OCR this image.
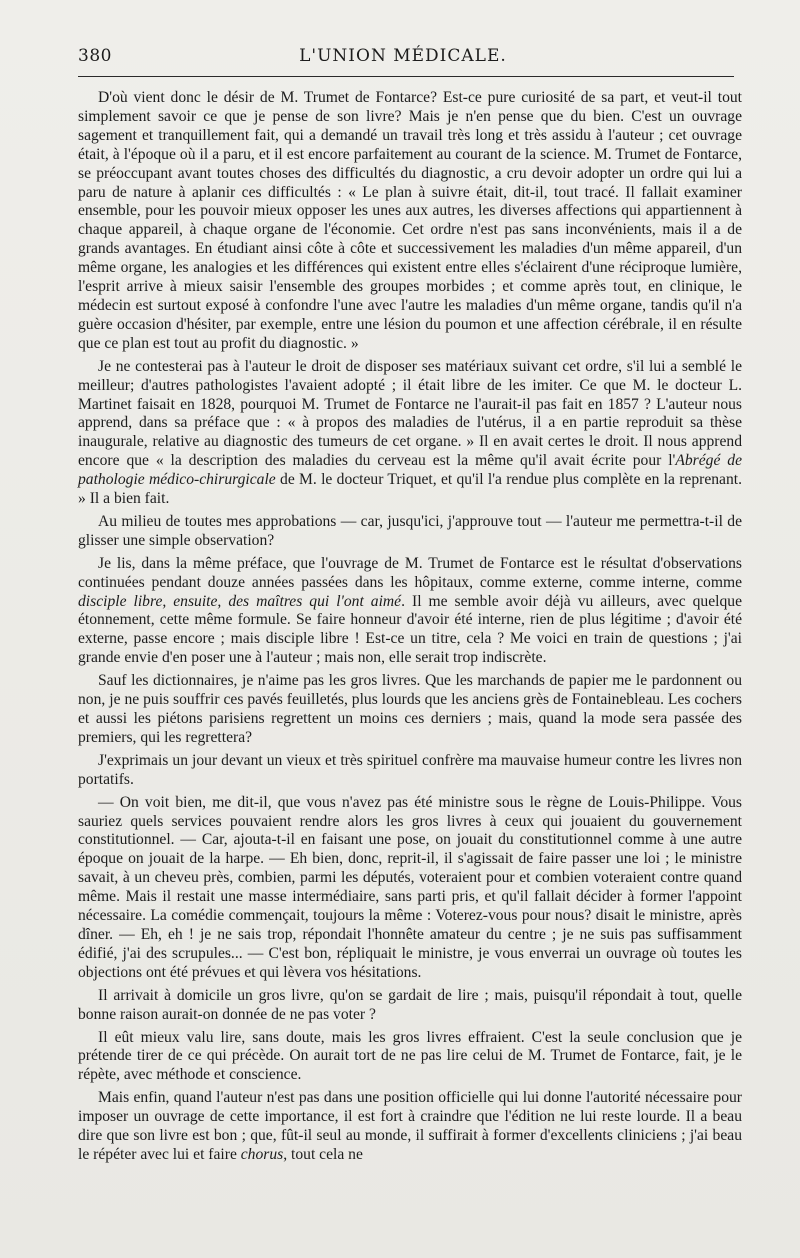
380	L'UNION MÉDICALE.

D'où vient donc le désir de M. Trumet de Fontarce? Est-ce pure curiosité de sa part, et veut-il tout simplement savoir ce que je pense de son livre? Mais je n'en pense que du bien. C'est un ouvrage sagement et tranquillement fait, qui a demandé un travail très long et très assidu à l'auteur ; cet ouvrage était, à l'époque où il a paru, et il est encore parfaitement au courant de la science. M. Trumet de Fontarce, se préoccupant avant toutes choses des difficultés du diagnostic, a cru devoir adopter un ordre qui lui a paru de nature à aplanir ces difficultés : « Le plan à suivre était, dit-il, tout tracé. Il fallait examiner ensemble, pour les pouvoir mieux opposer les unes aux autres, les diverses affections qui appartiennent à chaque appareil, à chaque organe de l'économie. Cet ordre n'est pas sans inconvénients, mais il a de grands avantages. En étudiant ainsi côte à côte et successivement les maladies d'un même appareil, d'un même organe, les analogies et les différences qui existent entre elles s'éclairent d'une réciproque lumière, l'esprit arrive à mieux saisir l'ensemble des groupes morbides ; et comme après tout, en clinique, le médecin est surtout exposé à confondre l'une avec l'autre les maladies d'un même organe, tandis qu'il n'a guère occasion d'hésiter, par exemple, entre une lésion du poumon et une affection cérébrale, il en résulte que ce plan est tout au profit du diagnostic. »

Je ne contesterai pas à l'auteur le droit de disposer ses matériaux suivant cet ordre, s'il lui a semblé le meilleur; d'autres pathologistes l'avaient adopté ; il était libre de les imiter. Ce que M. le docteur L. Martinet faisait en 1828, pourquoi M. Trumet de Fontarce ne l'aurait-il pas fait en 1857 ? L'auteur nous apprend, dans sa préface que : « à propos des maladies de l'utérus, il a en partie reproduit sa thèse inaugurale, relative au diagnostic des tumeurs de cet organe. » Il en avait certes le droit. Il nous apprend encore que « la description des maladies du cerveau est la même qu'il avait écrite pour l'Abrégé de pathologie médico-chirurgicale de M. le docteur Triquet, et qu'il l'a rendue plus complète en la reprenant. » Il a bien fait.

Au milieu de toutes mes approbations — car, jusqu'ici, j'approuve tout — l'auteur me permettra-t-il de glisser une simple observation?

Je lis, dans la même préface, que l'ouvrage de M. Trumet de Fontarce est le résultat d'observations continuées pendant douze années passées dans les hôpitaux, comme externe, comme interne, comme disciple libre, ensuite, des maîtres qui l'ont aimé. Il me semble avoir déjà vu ailleurs, avec quelque étonnement, cette même formule. Se faire honneur d'avoir été interne, rien de plus légitime ; d'avoir été externe, passe encore ; mais disciple libre ! Est-ce un titre, cela ? Me voici en train de questions ; j'ai grande envie d'en poser une à l'auteur ; mais non, elle serait trop indiscrète.

Sauf les dictionnaires, je n'aime pas les gros livres. Que les marchands de papier me le pardonnent ou non, je ne puis souffrir ces pavés feuilletés, plus lourds que les anciens grès de Fontainebleau. Les cochers et aussi les piétons parisiens regrettent un moins ces derniers ; mais, quand la mode sera passée des premiers, qui les regrettera?

J'exprimais un jour devant un vieux et très spirituel confrère ma mauvaise humeur contre les livres non portatifs.

— On voit bien, me dit-il, que vous n'avez pas été ministre sous le règne de Louis-Philippe. Vous sauriez quels services pouvaient rendre alors les gros livres à ceux qui jouaient du gouvernement constitutionnel. — Car, ajouta-t-il en faisant une pose, on jouait du constitutionnel comme à une autre époque on jouait de la harpe. — Eh bien, donc, reprit-il, il s'agissait de faire passer une loi ; le ministre savait, à un cheveu près, combien, parmi les députés, voteraient pour et combien voteraient contre quand même. Mais il restait une masse intermédiaire, sans parti pris, et qu'il fallait décider à former l'appoint nécessaire. La comédie commençait, toujours la même : Voterez-vous pour nous? disait le ministre, après dîner. — Eh, eh ! je ne sais trop, répondait l'honnête amateur du centre ; je ne suis pas suffisamment édifié, j'ai des scrupules... — C'est bon, répliquait le ministre, je vous enverrai un ouvrage où toutes les objections ont été prévues et qui lèvera vos hésitations.

Il arrivait à domicile un gros livre, qu'on se gardait de lire ; mais, puisqu'il répondait à tout, quelle bonne raison aurait-on donnée de ne pas voter ?

Il eût mieux valu lire, sans doute, mais les gros livres effraient. C'est la seule conclusion que je prétende tirer de ce qui précède. On aurait tort de ne pas lire celui de M. Trumet de Fontarce, fait, je le répète, avec méthode et conscience.

Mais enfin, quand l'auteur n'est pas dans une position officielle qui lui donne l'autorité nécessaire pour imposer un ouvrage de cette importance, il est fort à craindre que l'édition ne lui reste lourde. Il a beau dire que son livre est bon ; que, fût-il seul au monde, il suffirait à former d'excellents cliniciens ; j'ai beau le répéter avec lui et faire chorus, tout cela ne
